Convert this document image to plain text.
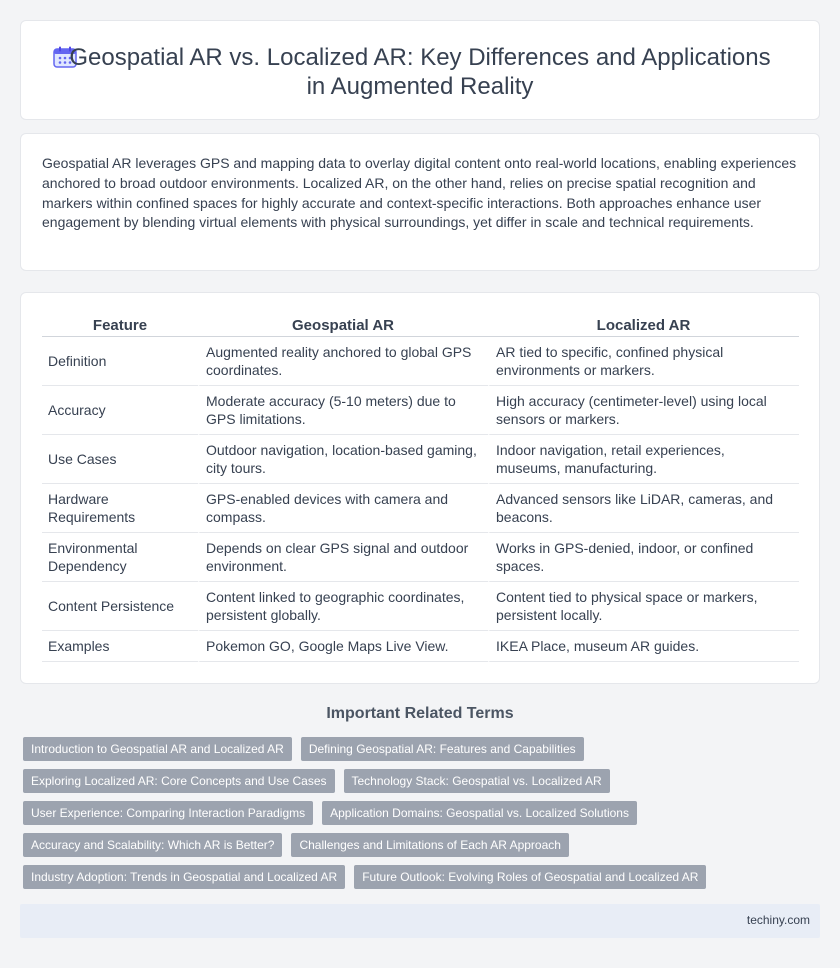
Geospatial AR vs. Localized AR: Key Differences and Applications in Augmented Reality

Geospatial AR leverages GPS and mapping data to overlay digital content onto real-world locations, enabling experiences anchored to broad outdoor environments. Localized AR, on the other hand, relies on precise spatial recognition and markers within confined spaces for highly accurate and context-specific interactions. Both approaches enhance user engagement by blending virtual elements with physical surroundings, yet differ in scale and technical requirements.

Feature	Geospatial AR	Localized AR
Definition	Augmented reality anchored to global GPS coordinates.	AR tied to specific, confined physical environments or markers.
Accuracy	Moderate accuracy (5-10 meters) due to GPS limitations.	High accuracy (centimeter-level) using local sensors or markers.
Use Cases	Outdoor navigation, location-based gaming, city tours.	Indoor navigation, retail experiences, museums, manufacturing.
Hardware Requirements	GPS-enabled devices with camera and compass.	Advanced sensors like LiDAR, cameras, and beacons.
Environmental Dependency	Depends on clear GPS signal and outdoor environment.	Works in GPS-denied, indoor, or confined spaces.
Content Persistence	Content linked to geographic coordinates, persistent globally.	Content tied to physical space or markers, persistent locally.
Examples	Pokemon GO, Google Maps Live View.	IKEA Place, museum AR guides.
Important Related Terms
Introduction to Geospatial AR and Localized AR	Defining Geospatial AR: Features and Capabilities
Exploring Localized AR: Core Concepts and Use Cases	Technology Stack: Geospatial vs. Localized AR
User Experience: Comparing Interaction Paradigms	Application Domains: Geospatial vs. Localized Solutions
Accuracy and Scalability: Which AR is Better?	Challenges and Limitations of Each AR Approach
Industry Adoption: Trends in Geospatial and Localized AR	Future Outlook: Evolving Roles of Geospatial and Localized AR
techiny.com
